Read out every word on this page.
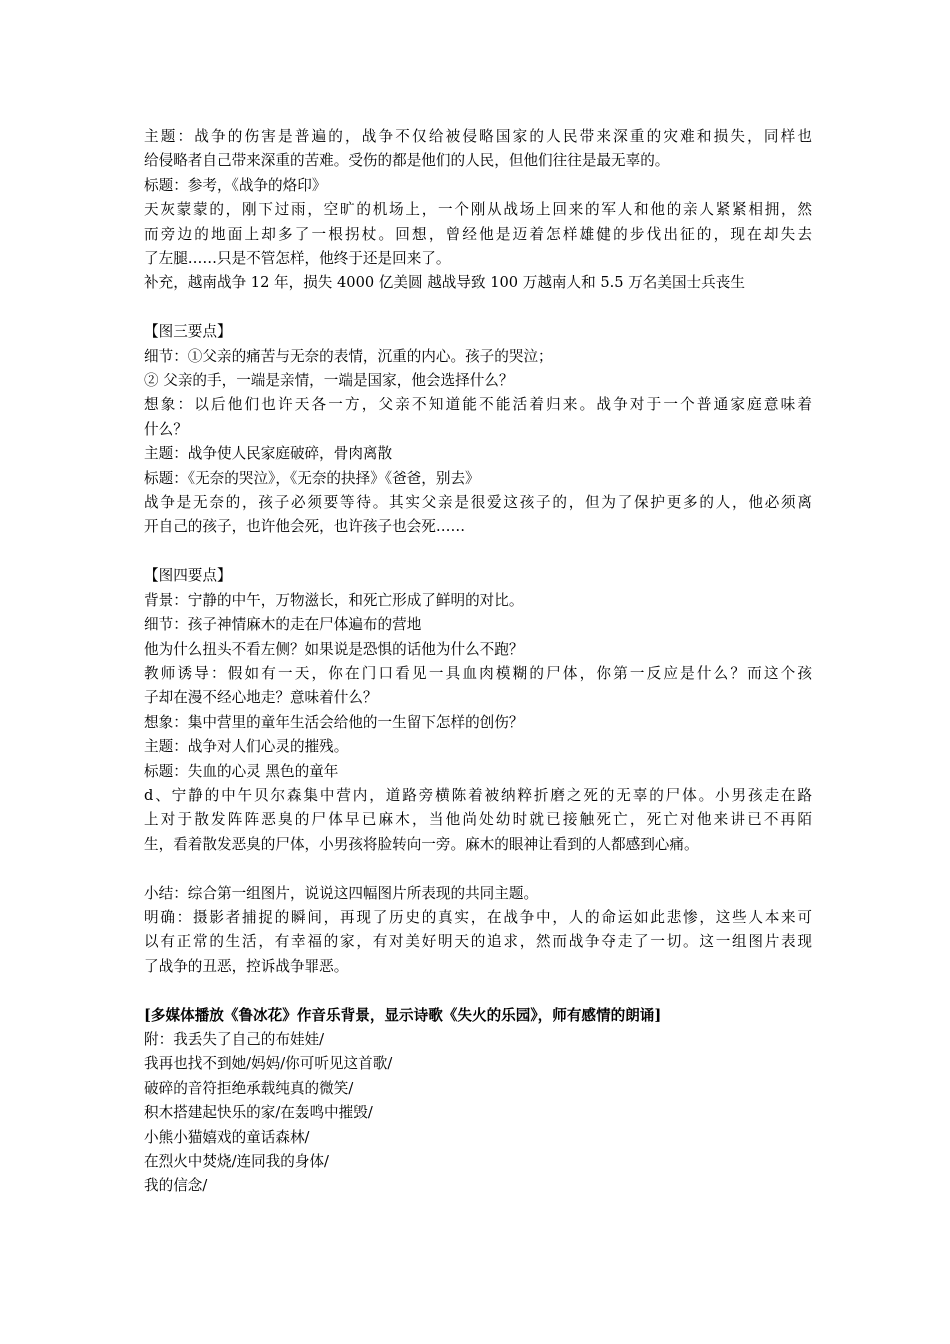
主题：战争的伤害是普遍的，战争不仅给被侵略国家的人民带来深重的灾难和损失，同样也

给侵略者自己带来深重的苦难。受伤的都是他们的人民，但他们往往是最无辜的。

标题：参考，《战争的烙印》

天灰蒙蒙的，刚下过雨，空旷的机场上，一个刚从战场上回来的军人和他的亲人紧紧相拥，然

而旁边的地面上却多了一根拐杖。回想，曾经他是迈着怎样雄健的步伐出征的，现在却失去

了左腿……只是不管怎样，他终于还是回来了。

补充，越南战争 12 年，损失 4000 亿美圆 越战导致 100 万越南人和 5.5 万名美国士兵丧生

【图三要点】

细节：①父亲的痛苦与无奈的表情，沉重的内心。孩子的哭泣；

② 父亲的手，一端是亲情，一端是国家，他会选择什么？

想象：以后他们也许天各一方，父亲不知道能不能活着归来。战争对于一个普通家庭意味着

什么？

主题：战争使人民家庭破碎，骨肉离散

标题：《无奈的哭泣》，《无奈的抉择》《爸爸，别去》

战争是无奈的，孩子必须要等待。其实父亲是很爱这孩子的，但为了保护更多的人，他必须离

开自己的孩子，也许他会死，也许孩子也会死……

【图四要点】

背景：宁静的中午，万物滋长，和死亡形成了鲜明的对比。

细节：孩子神情麻木的走在尸体遍布的营地

他为什么扭头不看左侧？如果说是恐惧的话他为什么不跑？

教师诱导：假如有一天，你在门口看见一具血肉模糊的尸体，你第一反应是什么？而这个孩

子却在漫不经心地走？意味着什么？

想象：集中营里的童年生活会给他的一生留下怎样的创伤？

主题：战争对人们心灵的摧残。

标题：失血的心灵 黑色的童年

d、宁静的中午贝尔森集中营内，道路旁横陈着被纳粹折磨之死的无辜的尸体。小男孩走在路

上对于散发阵阵恶臭的尸体早已麻木，当他尚处幼时就已接触死亡，死亡对他来讲已不再陌

生，看着散发恶臭的尸体，小男孩将脸转向一旁。麻木的眼神让看到的人都感到心痛。

小结：综合第一组图片，说说这四幅图片所表现的共同主题。

明确：摄影者捕捉的瞬间，再现了历史的真实，在战争中，人的命运如此悲惨，这些人本来可

以有正常的生活，有幸福的家，有对美好明天的追求，然而战争夺走了一切。这一组图片表现

了战争的丑恶，控诉战争罪恶。

[多媒体播放《鲁冰花》作音乐背景，显示诗歌《失火的乐园》，师有感情的朗诵]

附：我丢失了自己的布娃娃/

我再也找不到她/妈妈/你可听见这首歌/

破碎的音符拒绝承载纯真的微笑/

积木搭建起快乐的家/在轰鸣中摧毁/

小熊小猫嬉戏的童话森林/

在烈火中焚烧/连同我的身体/

我的信念/
